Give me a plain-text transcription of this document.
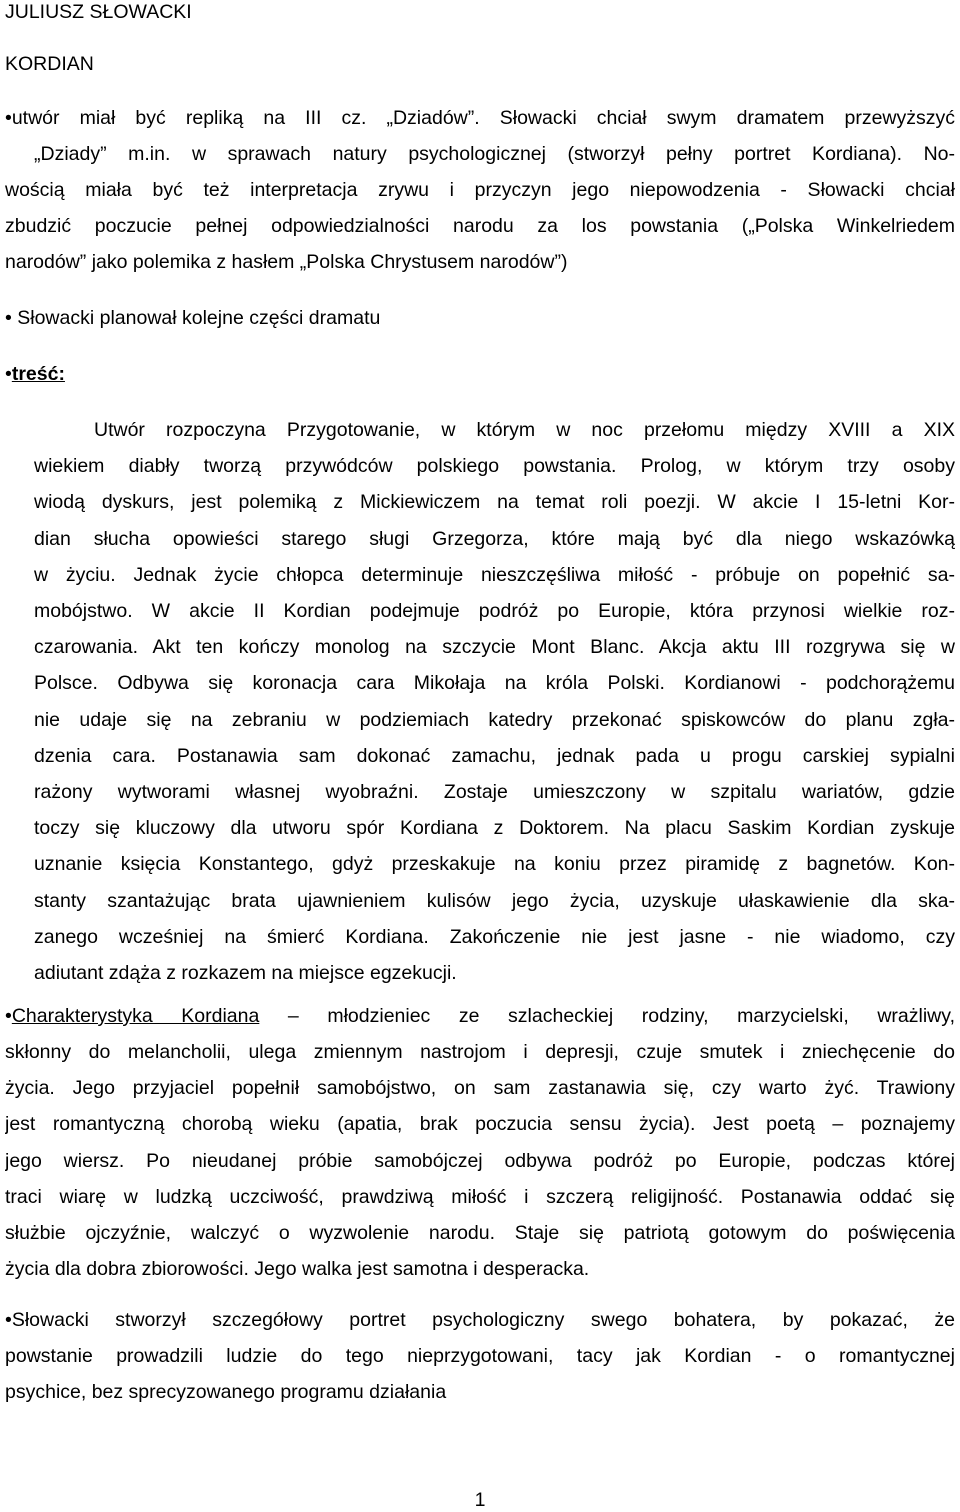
JULIUSZ SŁOWACKI
KORDIAN
•utwór miał być repliką na III cz. „Dziadów”. Słowacki chciał swym dramatem przewyższyć
„Dziady” m.in. w sprawach natury psychologicznej (stworzył pełny portret Kordiana). No-
wością miała być też interpretacja zrywu i przyczyn jego niepowodzenia - Słowacki chciał
zbudzić poczucie pełnej odpowiedzialności narodu za los powstania („Polska Winkelriedem
narodów” jako polemika z hasłem „Polska Chrystusem narodów”)
• Słowacki planował kolejne części dramatu
•treść:
Utwór rozpoczyna Przygotowanie, w którym w noc przełomu między XVIII a XIX
wiekiem diabły tworzą przywódców polskiego powstania. Prolog, w którym trzy osoby
wiodą dyskurs, jest polemiką z Mickiewiczem na temat roli poezji. W akcie I 15-letni Kor-
dian słucha opowieści starego sługi Grzegorza, które mają być dla niego wskazówką
w życiu. Jednak życie chłopca determinuje nieszczęśliwa miłość - próbuje on popełnić sa-
mobójstwo. W akcie II Kordian podejmuje podróż po Europie, która przynosi wielkie roz-
czarowania. Akt ten kończy monolog na szczycie Mont Blanc. Akcja aktu III rozgrywa się w
Polsce. Odbywa się koronacja cara Mikołaja na króla Polski. Kordianowi - podchorążemu
nie udaje się na zebraniu w podziemiach katedry przekonać spiskowców do planu zgła-
dzenia cara. Postanawia sam dokonać zamachu, jednak pada u progu carskiej sypialni
rażony wytworami własnej wyobraźni. Zostaje umieszczony w szpitalu wariatów, gdzie
toczy się kluczowy dla utworu spór Kordiana z Doktorem. Na placu Saskim Kordian zyskuje
uznanie księcia Konstantego, gdyż przeskakuje na koniu przez piramidę z bagnetów. Kon-
stanty szantażując brata ujawnieniem kulisów jego życia, uzyskuje ułaskawienie dla ska-
zanego wcześniej na śmierć Kordiana. Zakończenie nie jest jasne - nie wiadomo, czy
adiutant zdąża z rozkazem na miejsce egzekucji.
•Charakterystyka Kordiana – młodzieniec ze szlacheckiej rodziny, marzycielski, wrażliwy,
skłonny do melancholii, ulega zmiennym nastrojom i depresji, czuje smutek i zniechęcenie do
życia. Jego przyjaciel popełnił samobójstwo, on sam zastanawia się, czy warto żyć. Trawiony
jest romantyczną chorobą wieku (apatia, brak poczucia sensu życia). Jest poetą – poznajemy
jego wiersz. Po nieudanej próbie samobójczej odbywa podróż po Europie, podczas której
traci wiarę w ludzką uczciwość, prawdziwą miłość i szczerą religijność. Postanawia oddać się
służbie ojczyźnie, walczyć o wyzwolenie narodu. Staje się patriotą gotowym do poświęcenia
życia dla dobra zbiorowości. Jego walka jest samotna i desperacka.
•Słowacki stworzył szczegółowy portret psychologiczny swego bohatera, by pokazać, że
powstanie prowadzili ludzie do tego nieprzygotowani, tacy jak Kordian - o romantycznej
psychice, bez sprecyzowanego programu działania
1
